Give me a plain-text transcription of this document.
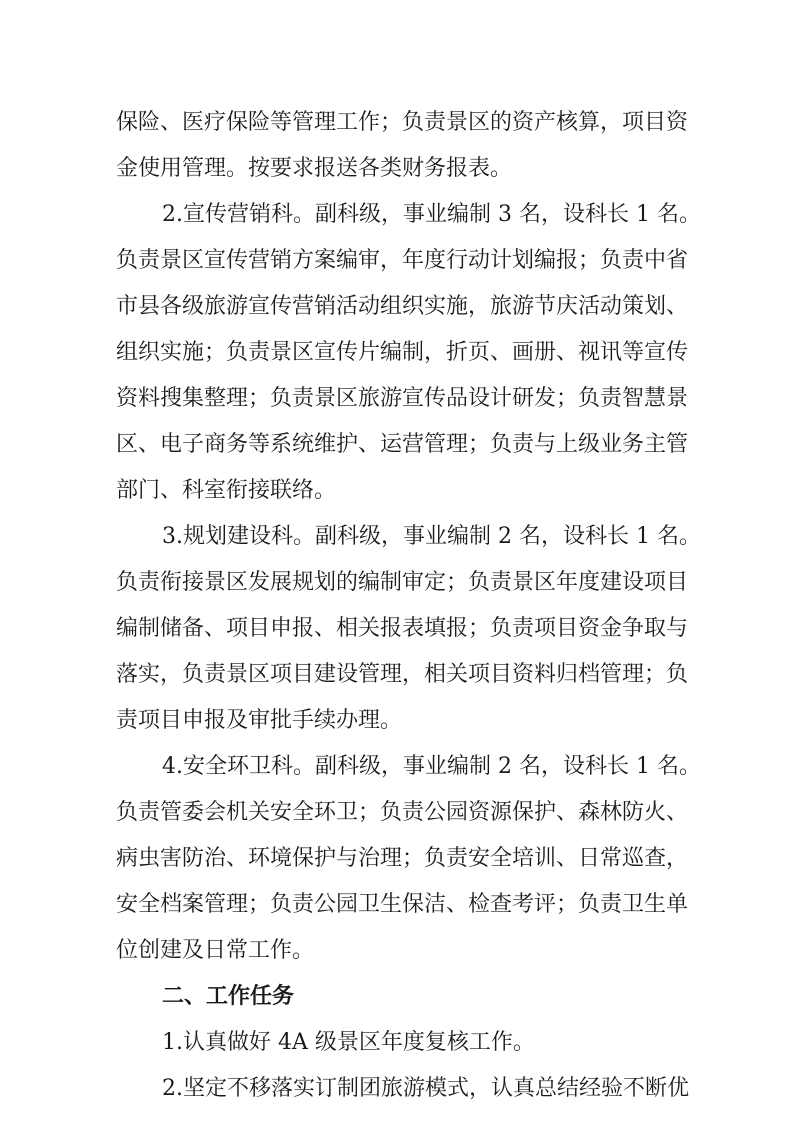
保险、医疗保险等管理工作；负责景区的资产核算，项目资
金使用管理。按要求报送各类财务报表。
2.宣传营销科。副科级，事业编制 3 名，设科长 1 名。
负责景区宣传营销方案编审，年度行动计划编报；负责中省
市县各级旅游宣传营销活动组织实施，旅游节庆活动策划、
组织实施；负责景区宣传片编制，折页、画册、视讯等宣传
资料搜集整理；负责景区旅游宣传品设计研发；负责智慧景
区、电子商务等系统维护、运营管理；负责与上级业务主管
部门、科室衔接联络。
3.规划建设科。副科级，事业编制 2 名，设科长 1 名。
负责衔接景区发展规划的编制审定；负责景区年度建设项目
编制储备、项目申报、相关报表填报；负责项目资金争取与
落实，负责景区项目建设管理，相关项目资料归档管理；负
责项目申报及审批手续办理。
4.安全环卫科。副科级，事业编制 2 名，设科长 1 名。
负责管委会机关安全环卫；负责公园资源保护、森林防火、
病虫害防治、环境保护与治理；负责安全培训、日常巡查，
安全档案管理；负责公园卫生保洁、检查考评；负责卫生单
位创建及日常工作。
二、工作任务
1.认真做好 4A 级景区年度复核工作。
2.坚定不移落实订制团旅游模式，认真总结经验不断优
